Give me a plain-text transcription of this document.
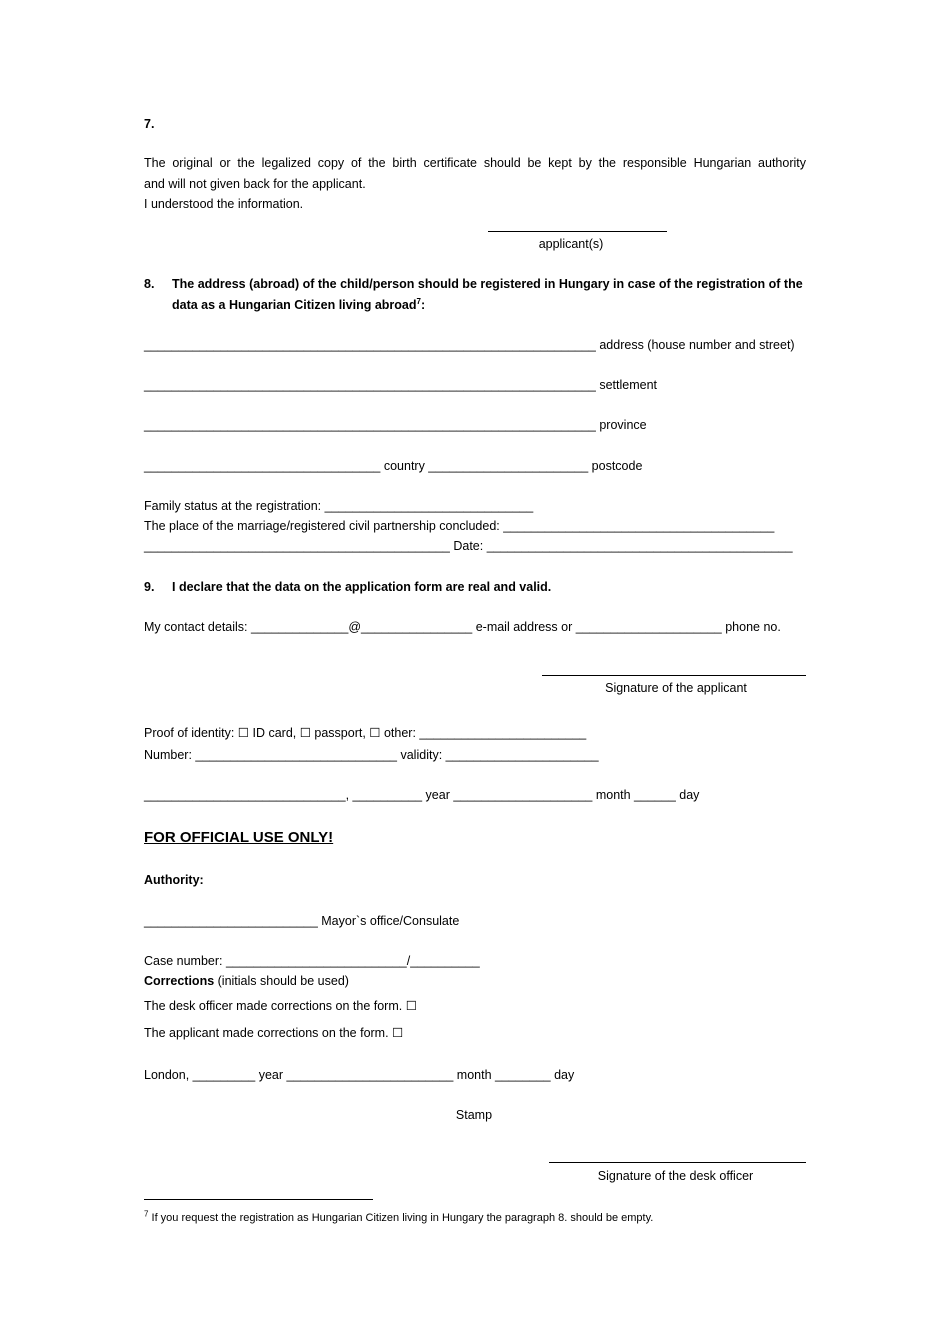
7.
The original or the legalized copy of the birth certificate should be kept by the responsible Hungarian authority
and will not given back for the applicant.
I understood the information.
applicant(s)
8. The address (abroad) of the child/person should be registered in Hungary in case of the registration of the
data as a Hungarian Citizen living abroad$^7$:
_________________________________________________________________ address (house number and street)
_________________________________________________________________ settlement
_________________________________________________________________ province
__________________________________ country _______________________ postcode
Family status at the registration: ______________________________
The place of the marriage/registered civil partnership concluded: _______________________________________
____________________________________________ Date: ____________________________________________
9. I declare that the data on the application form are real and valid.
My contact details: ______________@________________ e-mail address or _____________________ phone no.
Signature of the applicant
Proof of identity: ☐ ID card, ☐ passport, ☐ other: ________________________
Number: _____________________________ validity: ______________________
_____________________________, __________ year ____________________ month ______ day
FOR OFFICIAL USE ONLY!
Authority:
_________________________ Mayor`s office/Consulate
Case number: __________________________/__________
Corrections (initials should be used)
The desk officer made corrections on the form. ☐
The applicant made corrections on the form. ☐
London, _________ year ________________________ month ________ day
Stamp
Signature of the desk officer
$^7$ If you request the registration as Hungarian Citizen living in Hungary the paragraph 8. should be empty.
